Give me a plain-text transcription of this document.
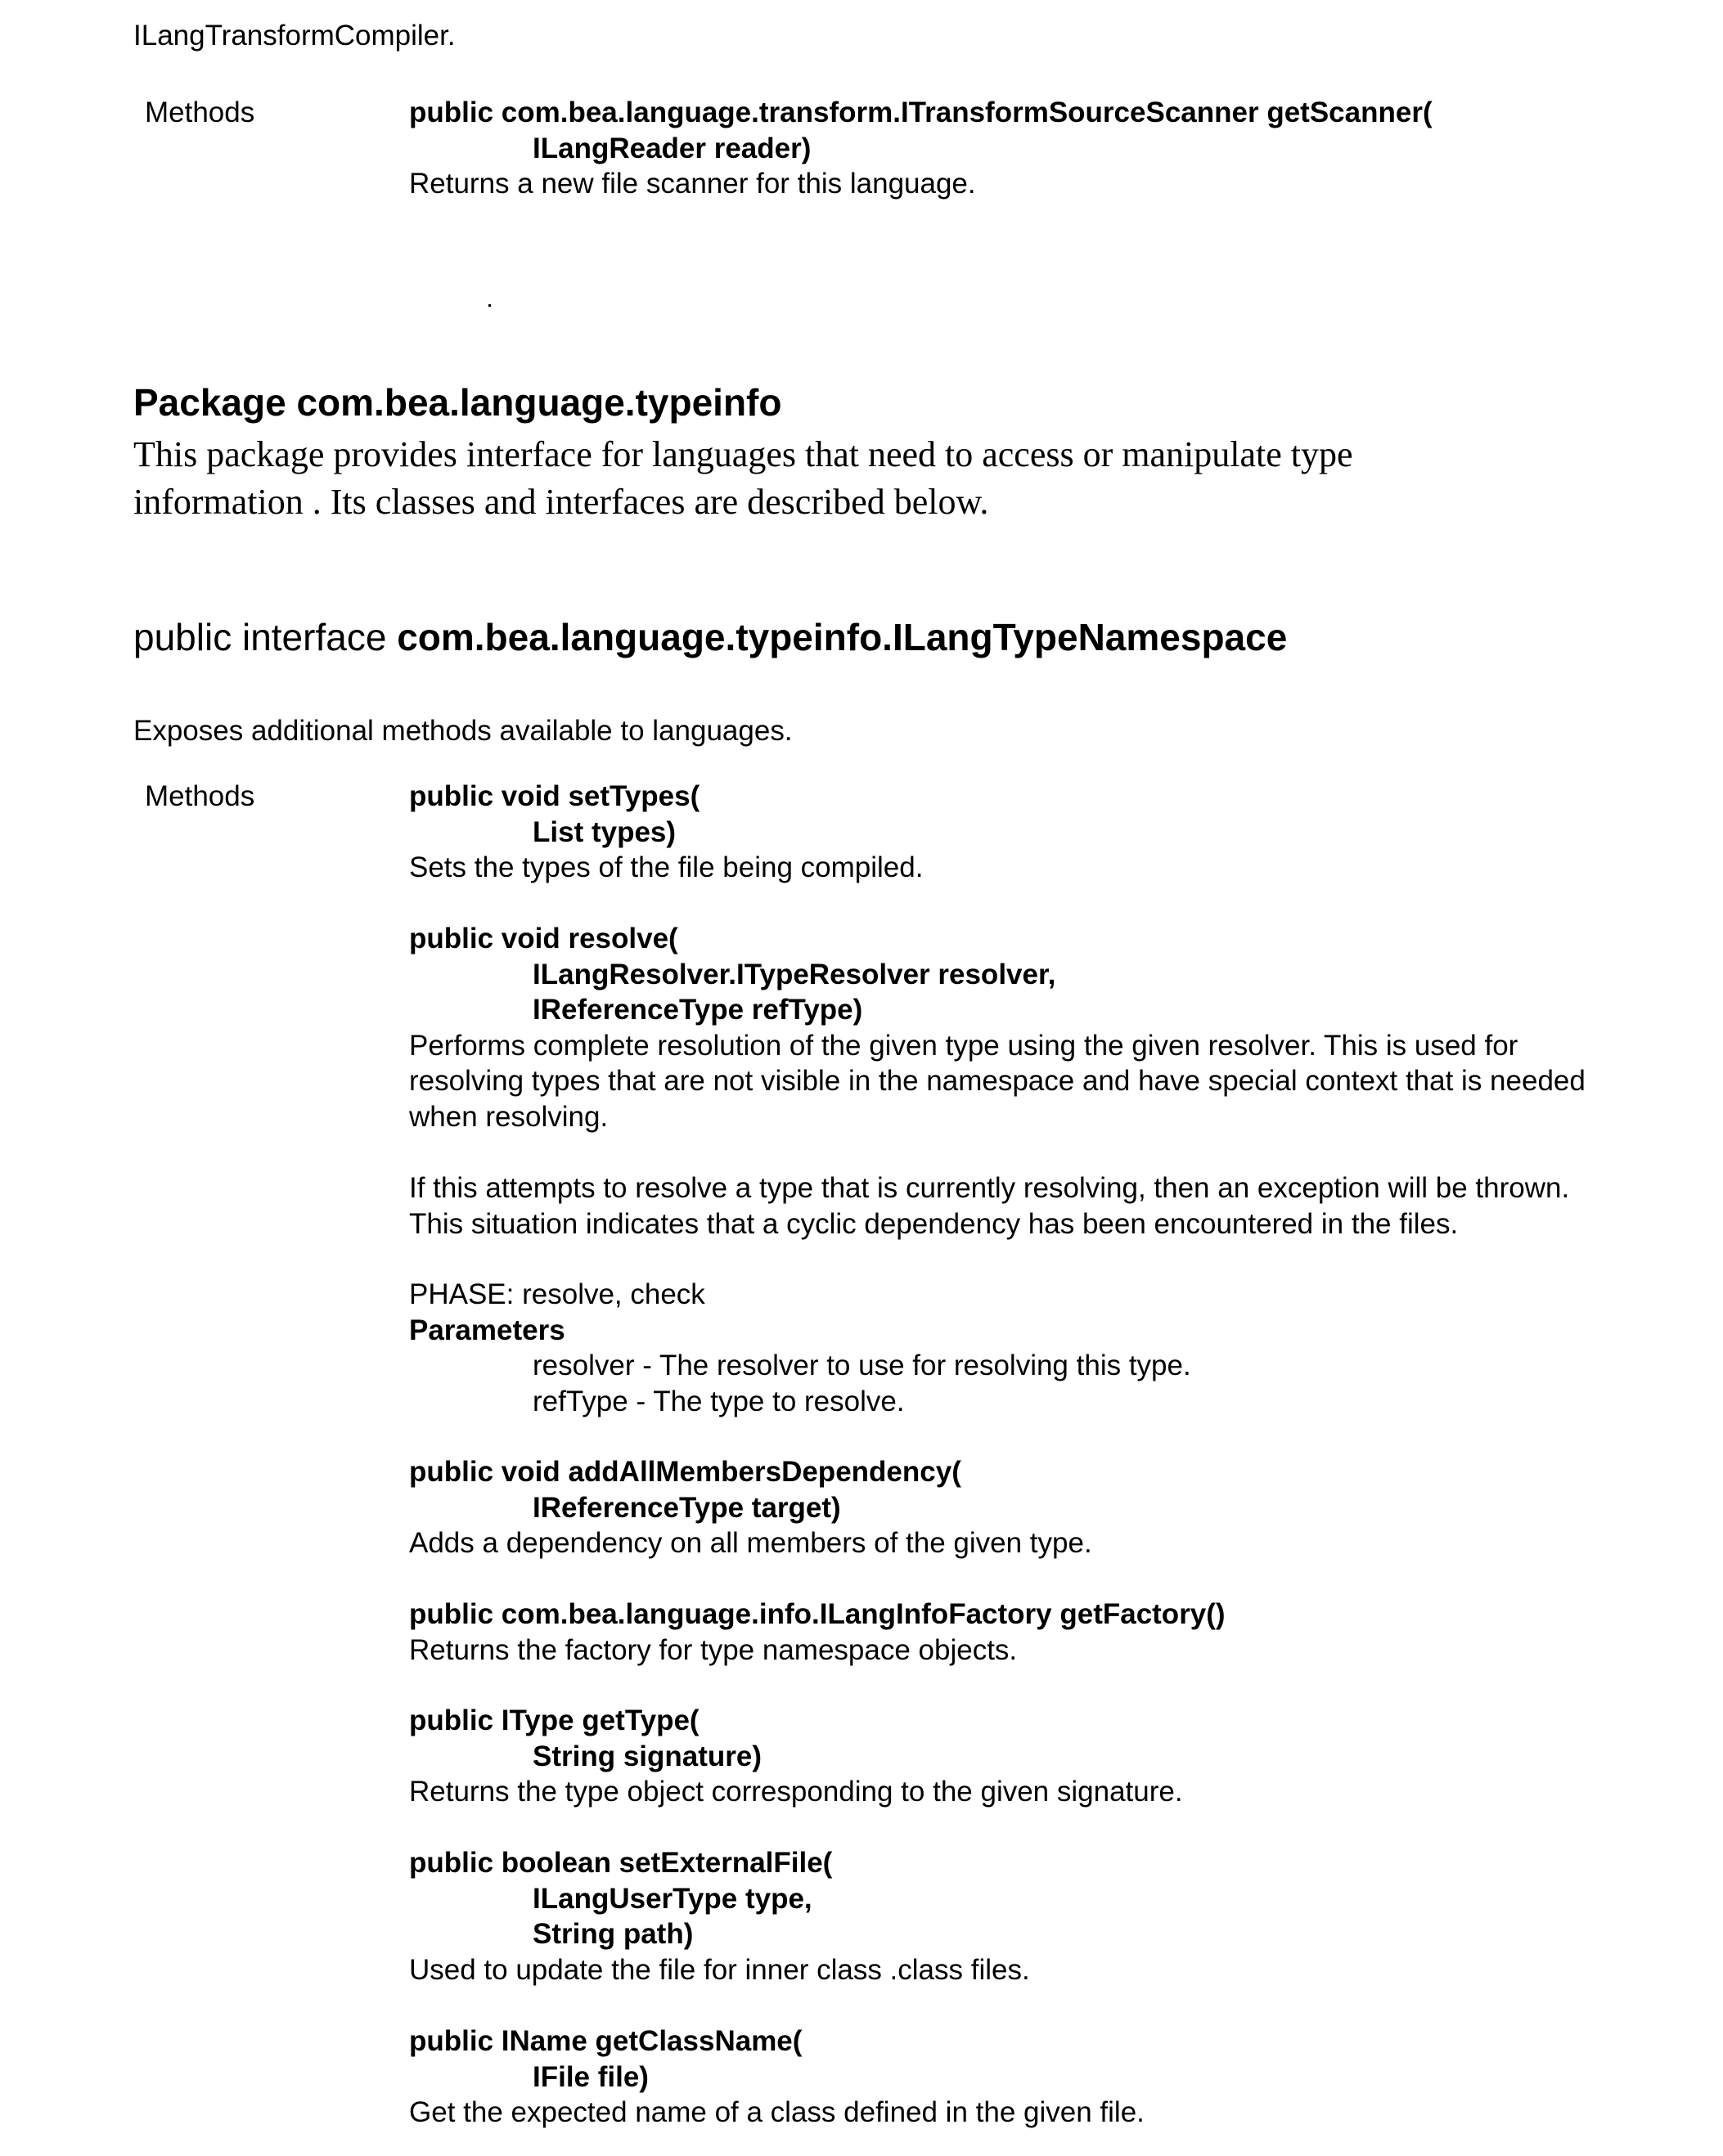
ILangTransformCompiler.
Methods	public com.bea.language.transform.ITransformSourceScanner getScanner(
ILangReader reader)
Returns a new file scanner for this language.
Package com.bea.language.typeinfo
This package provides interface for languages that need to access or manipulate type
information . Its classes and interfaces are described below.
public interface com.bea.language.typeinfo.ILangTypeNamespace
Exposes additional methods available to languages.
Methods	public void setTypes(
List types)
Sets the types of the file being compiled.
public void resolve(
ILangResolver.ITypeResolver resolver,
IReferenceType refType)
Performs complete resolution of the given type using the given resolver. This is used for
resolving types that are not visible in the namespace and have special context that is needed
when resolving.
If this attempts to resolve a type that is currently resolving, then an exception will be thrown.
This situation indicates that a cyclic dependency has been encountered in the files.
PHASE: resolve, check
Parameters
resolver - The resolver to use for resolving this type.
refType - The type to resolve.
public void addAllMembersDependency(
IReferenceType target)
Adds a dependency on all members of the given type.
public com.bea.language.info.ILangInfoFactory getFactory()
Returns the factory for type namespace objects.
public IType getType(
String signature)
Returns the type object corresponding to the given signature.
public boolean setExternalFile(
ILangUserType type,
String path)
Used to update the file for inner class .class files.
public IName getClassName(
IFile file)
Get the expected name of a class defined in the given file.
